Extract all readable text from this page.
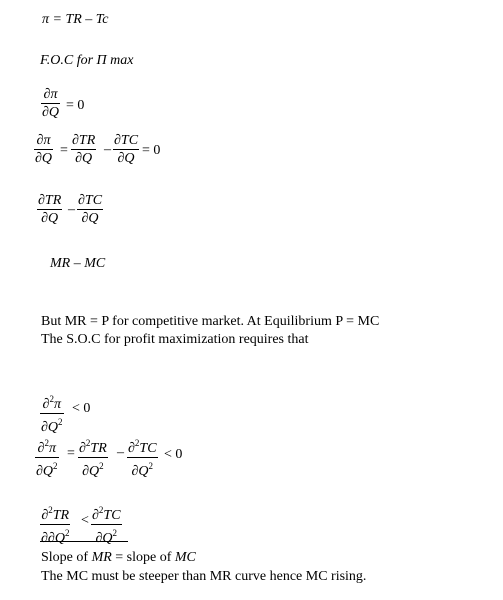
π = TR – Tc
F.O.C for Π max
∂π
∂Q = 0
∂π
∂Q
=
∂TR
∂Q
–
∂TC
∂Q
= 0
∂TR
∂Q
–
∂TC
∂Q
MR – MC
But MR = P for competitive market. At Equilibrium P = MC
The S.O.C for profit maximization requires that
∂$^2$π
$\partial Q^2$
< 0
∂$^2$π
$\partial Q^2$
= ∂$^2$TR
$\partial Q^2$
– ∂$^2$TC
$\partial Q^2$
< 0
∂$^2$TR
$\partial\partial Q^2$
< ∂$^2$TC
$\partial Q^2$
Slope of MR = slope of MC
The MC must be steeper than MR curve hence MC rising.
